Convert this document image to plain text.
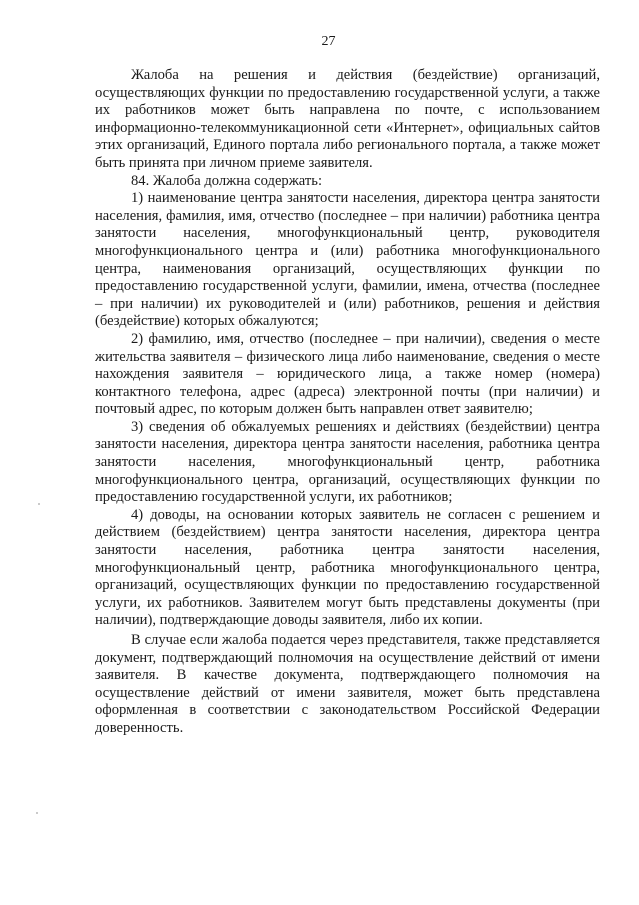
27

Жалоба на решения и действия (бездействие) организаций, осуществляющих функции по предоставлению государственной услуги, а также их работников может быть направлена по почте, с использованием информационно-телекоммуникационной сети «Интернет», официальных сайтов этих организаций, Единого портала либо регионального портала, а также может быть принята при личном приеме заявителя.

84. Жалоба должна содержать:

1) наименование центра занятости населения, директора центра занятости населения, фамилия, имя, отчество (последнее – при наличии) работника центра занятости населения, многофункциональный центр, руководителя многофункционального центра и (или) работника многофункционального центра, наименования организаций, осуществляющих функции по предоставлению государственной услуги, фамилии, имена, отчества (последнее – при наличии) их руководителей и (или) работников, решения и действия (бездействие) которых обжалуются;

2) фамилию, имя, отчество (последнее – при наличии), сведения о месте жительства заявителя – физического лица либо наименование, сведения о месте нахождения заявителя – юридического лица, а также номер (номера) контактного телефона, адрес (адреса) электронной почты (при наличии) и почтовый адрес, по которым должен быть направлен ответ заявителю;

3) сведения об обжалуемых решениях и действиях (бездействии) центра занятости населения, директора центра занятости населения, работника центра занятости населения, многофункциональный центр, работника многофункционального центра, организаций, осуществляющих функции по предоставлению государственной услуги, их работников;

4) доводы, на основании которых заявитель не согласен с решением и действием (бездействием) центра занятости населения, директора центра занятости населения, работника центра занятости населения, многофункциональный центр, работника многофункционального центра, организаций, осуществляющих функции по предоставлению государственной услуги, их работников. Заявителем могут быть представлены документы (при наличии), подтверждающие доводы заявителя, либо их копии.

В случае если жалоба подается через представителя, также представляется документ, подтверждающий полномочия на осуществление действий от имени заявителя. В качестве документа, подтверждающего полномочия на осуществление действий от имени заявителя, может быть представлена оформленная в соответствии с законодательством Российской Федерации доверенность.
